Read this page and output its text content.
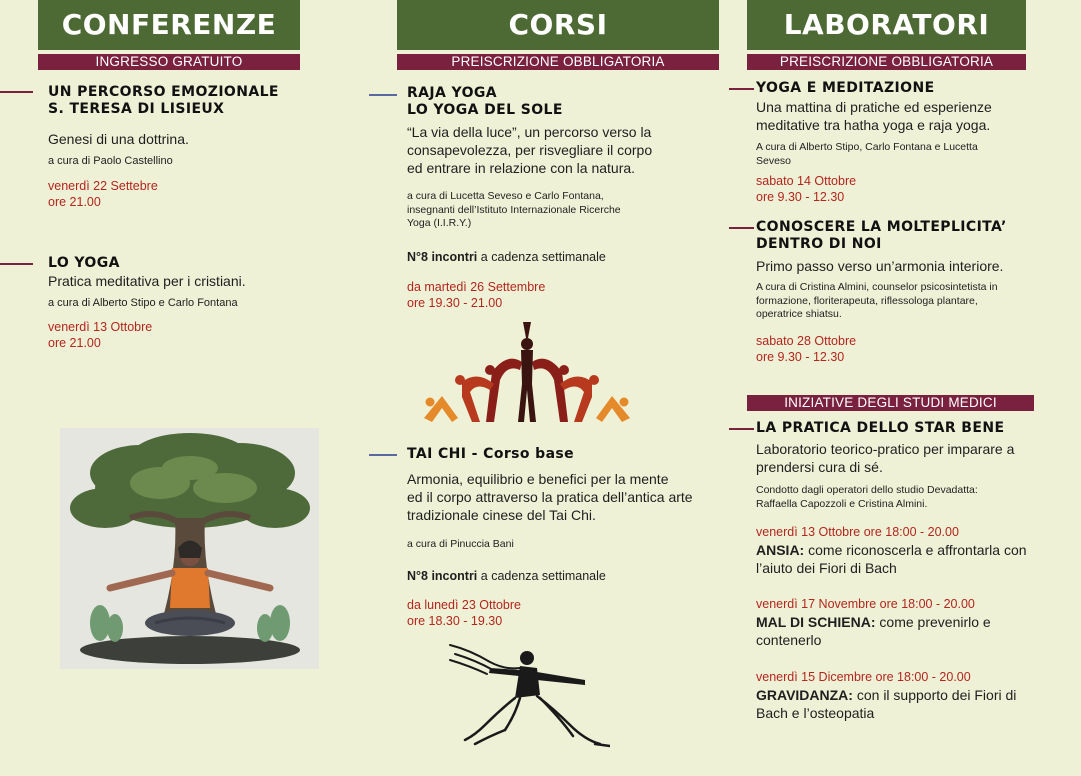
CONFERENZE
INGRESSO GRATUITO
UN PERCORSO EMOZIONALE
S. TERESA DI LISIEUX
Genesi di una dottrina.
a cura di Paolo Castellino
venerdì 22 Settebre
ore 21.00
LO YOGA
Pratica meditativa per i cristiani.
a cura di Alberto Stipo e Carlo Fontana
venerdì 13 Ottobre
ore 21.00
CORSI
PREISCRIZIONE OBBLIGATORIA
RAJA YOGA
LO YOGA DEL SOLE
“La via della luce”, un percorso verso la
consapevolezza, per risvegliare il corpo
ed entrare in relazione con la natura.
a cura di Lucetta Seveso e Carlo Fontana,
insegnanti dell’Istituto Internazionale Ricerche
Yoga (I.I.R.Y.)
N°8 incontri a cadenza settimanale
da martedì 26 Settembre
ore 19.30 - 21.00
TAI CHI - Corso base
Armonia, equilibrio e benefici per la mente
ed il corpo attraverso la pratica dell’antica arte
tradizionale cinese del Tai Chi.
a cura di Pinuccia Bani
N°8 incontri a cadenza settimanale
da lunedì 23 Ottobre
ore 18.30 - 19.30
LABORATORI
PREISCRIZIONE OBBLIGATORIA
YOGA E MEDITAZIONE
Una mattina di pratiche ed esperienze
meditative tra hatha yoga e raja yoga.
A cura di Alberto Stipo, Carlo Fontana e Lucetta
Seveso
sabato 14 Ottobre
ore 9.30 - 12.30
CONOSCERE LA MOLTEPLICITA’
DENTRO DI NOI
Primo passo verso un’armonia interiore.
A cura di Cristina Almini, counselor psicosintetista in
formazione, floriterapeuta, riflessologa plantare,
operatrice shiatsu.
sabato 28 Ottobre
ore 9.30 - 12.30
INIZIATIVE DEGLI STUDI MEDICI
LA PRATICA DELLO STAR BENE
Laboratorio teorico-pratico per imparare a
prendersi cura di sé.
Condotto dagli operatori dello studio Devadatta:
Raffaella Capozzoli e Cristina Almini.
venerdì 13 Ottobre ore 18:00 - 20.00
ANSIA: come riconoscerla e affrontarla con
l’aiuto dei Fiori di Bach
venerdì 17 Novembre ore 18:00 - 20.00
MAL DI SCHIENA: come prevenirlo e
contenerlo
venerdì 15 Dicembre ore 18:00 - 20.00
GRAVIDANZA: con il supporto dei Fiori di
Bach e l’osteopatia
